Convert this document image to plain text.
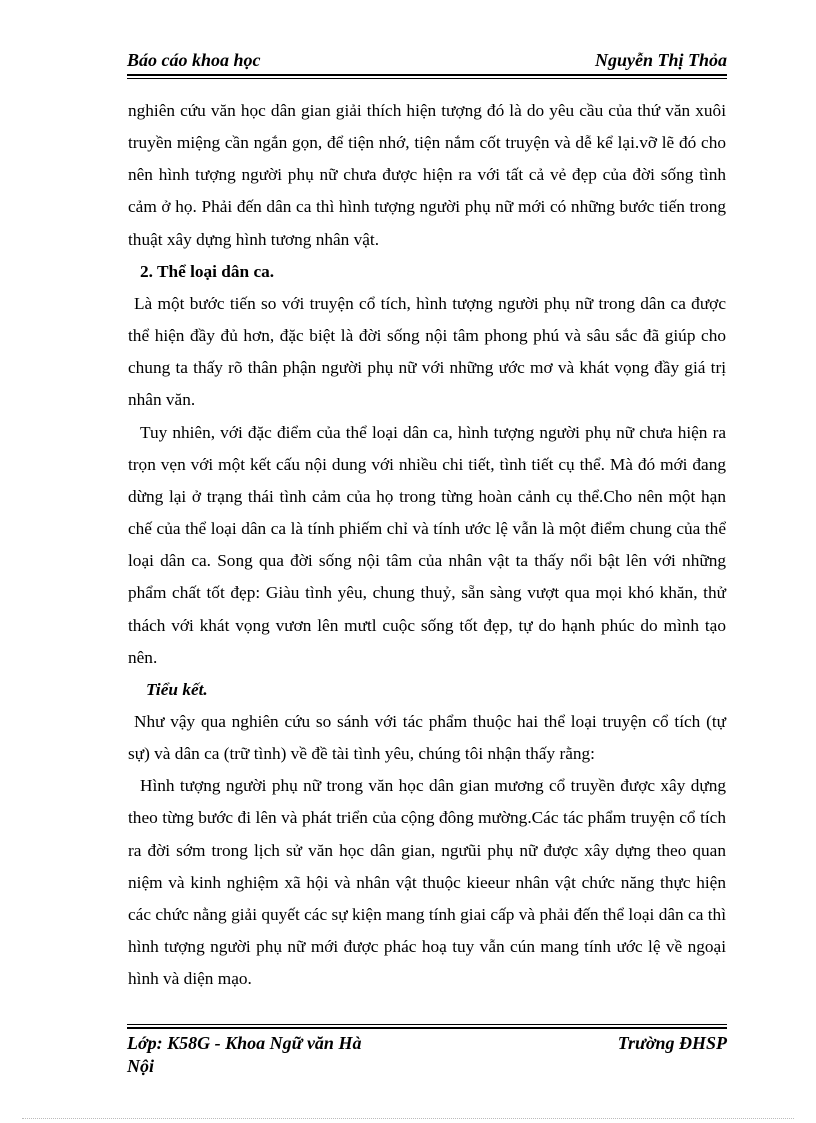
Báo cáo khoa học	Nguyễn Thị Thỏa

nghiên cứu văn học dân gian giải thích hiện tượng đó là do yêu cầu của thứ văn xuôi truyền miệng cần ngắn gọn, để tiện nhớ, tiện nắm cốt truyện và dễ kể lại.vỡ lẽ đó cho nên hình tượng người phụ nữ chưa được hiện ra với tất cả vẻ đẹp của đời sống tình cảm ở họ. Phải đến dân ca thì hình tượng người phụ nữ mới có những bước tiến trong thuật xây dựng hình tương nhân vật.

2. Thể loại dân ca.

Là một bước tiến so với truyện cổ tích, hình tượng người phụ nữ trong dân ca được thể hiện đầy đủ hơn, đặc biệt là đời sống nội tâm phong phú và sâu sắc đã giúp cho chung ta thấy rõ thân phận người phụ nữ với những ước mơ và khát vọng đầy giá trị nhân văn.

Tuy nhiên, với đặc điểm của thể loại dân ca, hình tượng người phụ nữ chưa hiện ra trọn vẹn với một kết cấu nội dung với nhiều chi tiết, tình tiết cụ thể. Mà đó mới đang dừng lại ở trạng thái tình cảm của họ trong từng hoàn cảnh cụ thể.Cho nên một hạn chế của thể loại dân ca là tính phiếm chỉ và tính ước lệ vẫn là một điểm chung của thể loại dân ca. Song qua đời sống nội tâm của nhân vật ta thấy nổi bật lên với những phẩm chất tốt đẹp: Giàu tình yêu, chung thuỷ, sẵn sàng vượt qua mọi khó khăn, thử thách với khát vọng vươn lên mưtl cuộc sống tốt đẹp, tự do hạnh phúc do mình tạo nên.

Tiểu kết.

Như vậy qua nghiên cứu so sánh với tác phẩm thuộc hai thể loại truyện cổ tích (tự sự) và dân ca (trữ tình) về đề tài tình yêu, chúng tôi nhận thấy rằng:

Hình tượng người phụ nữ trong văn học dân gian mương cổ truyền được xây dựng theo từng bước đi lên và phát triển của cộng đông mường.Các tác phẩm truyện cổ tích ra đời sớm trong lịch sử văn học dân gian, ngưũi phụ nữ được xây dựng theo quan niệm và kinh nghiệm xã hội và nhân vật thuộc kieeur nhân vật chức năng thực hiện các chức nằng giải quyết các sự kiện mang tính giai cấp và phải đến thể loại dân ca thì hình tượng người phụ nữ mới được phác hoạ tuy vẫn cún mang tính ước lệ về ngoại hình và diện mạo.

Lớp: K58G - Khoa Ngữ văn Hà Nội
Trường ĐHSP
